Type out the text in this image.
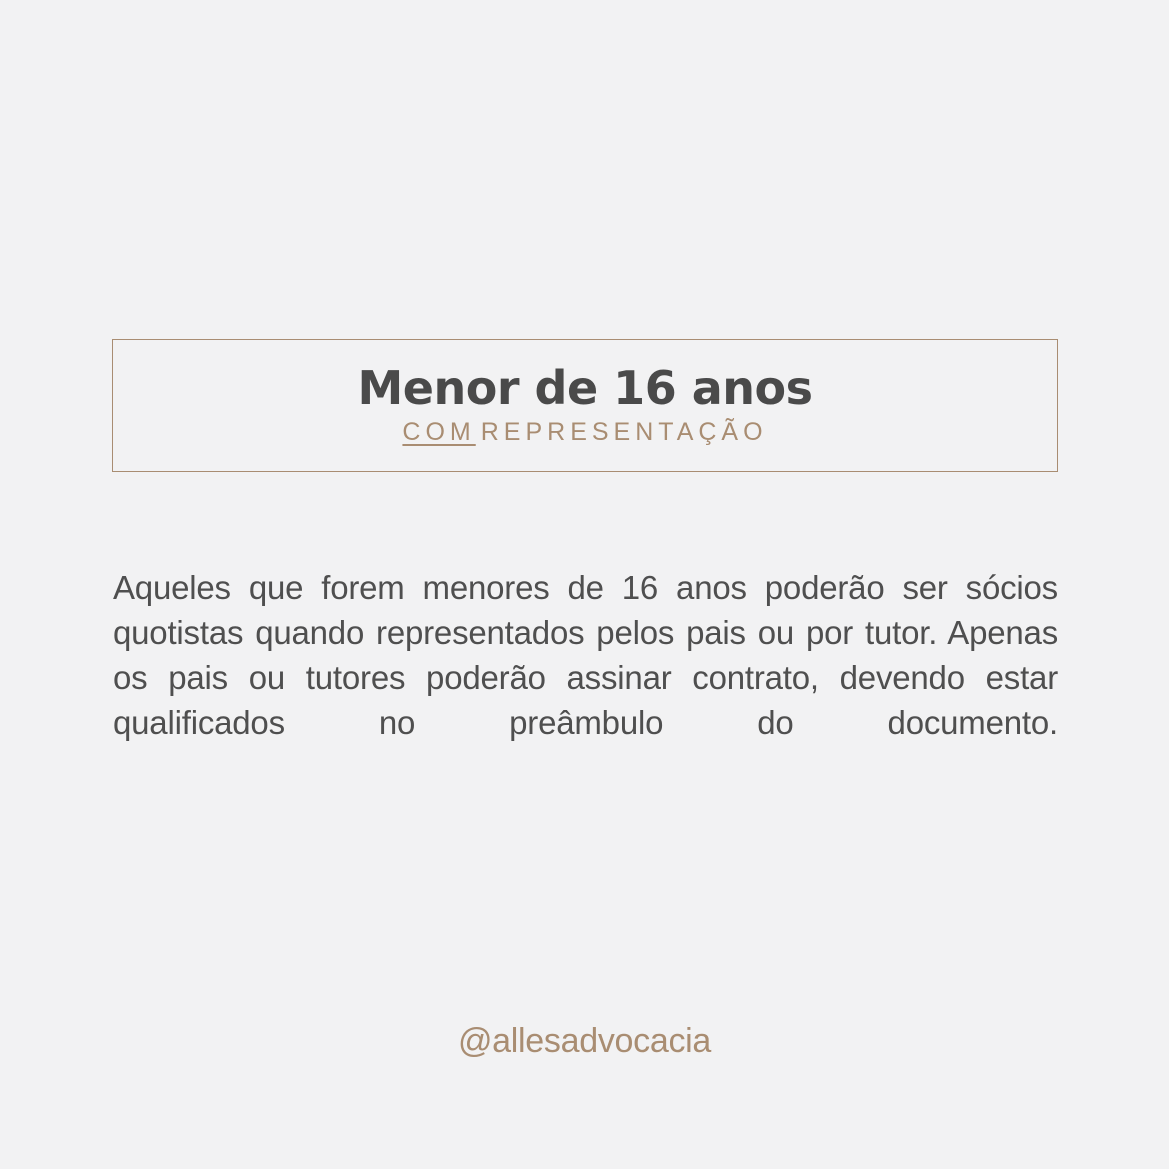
Menor de 16 anos
COM REPRESENTAÇÃO
Aqueles que forem menores de 16 anos poderão ser sócios quotistas quando representados pelos pais ou por tutor. Apenas os pais ou tutores poderão assinar contrato, devendo estar qualificados no preâmbulo do documento.
@allesadvocacia
